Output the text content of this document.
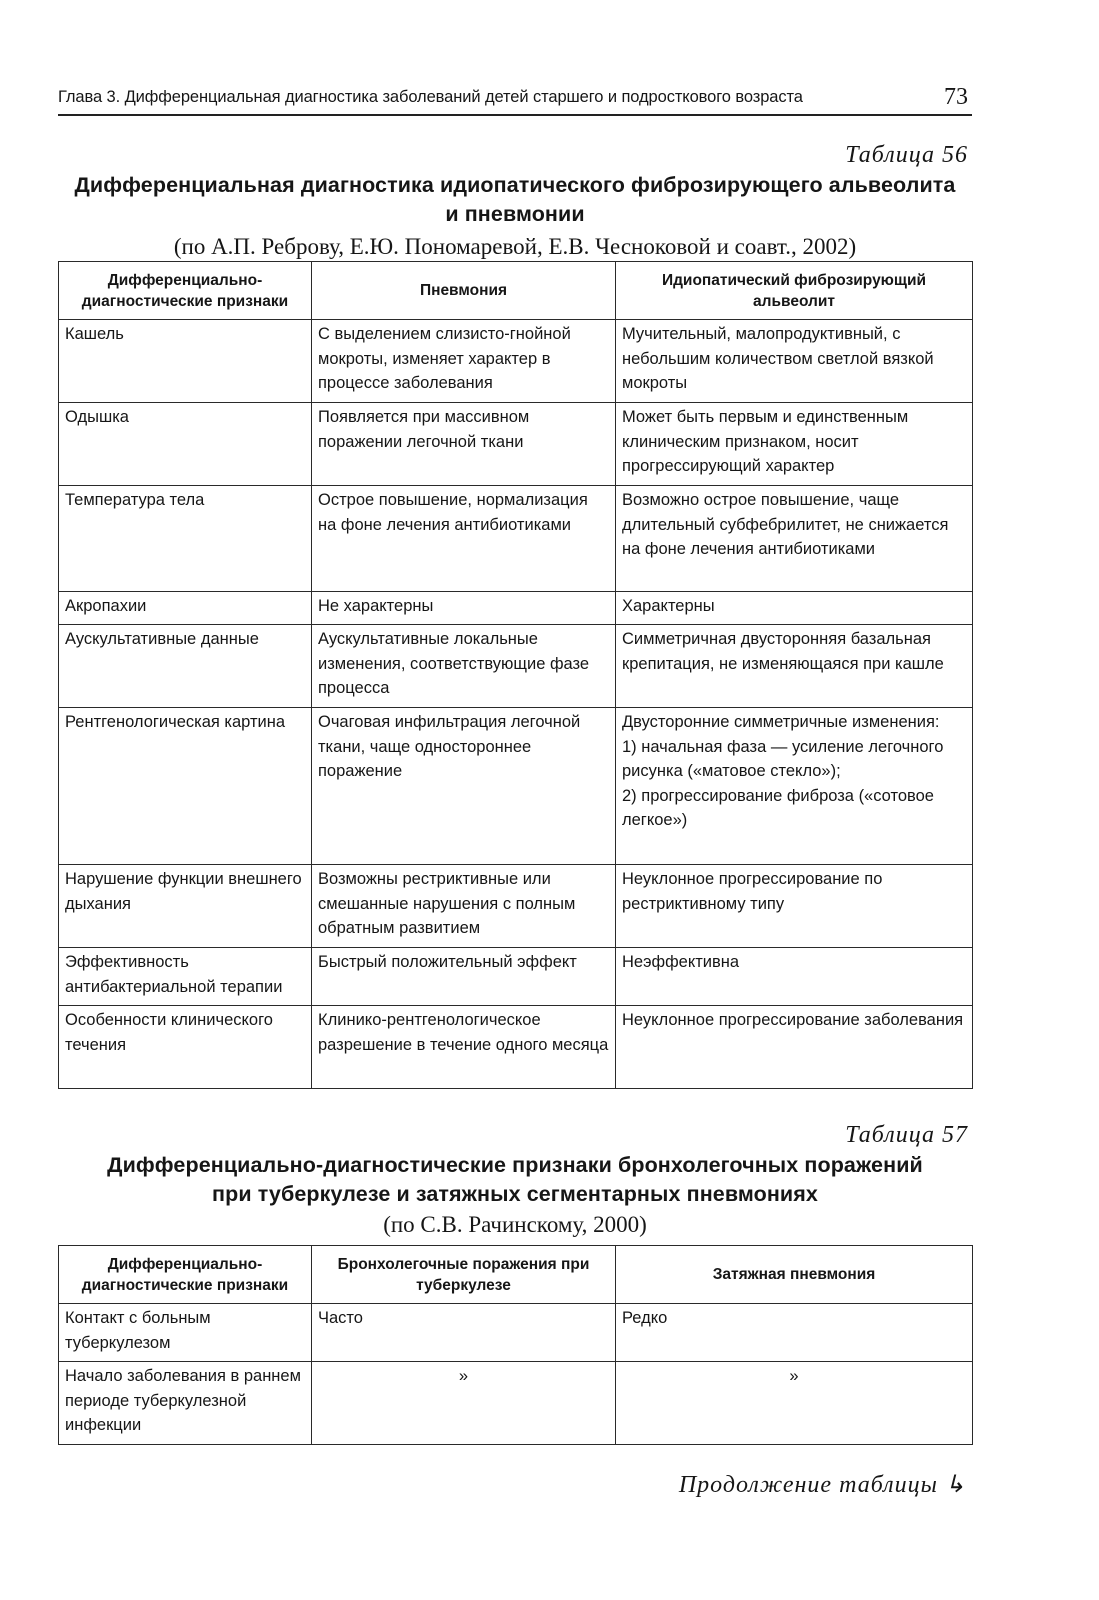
Глава 3. Дифференциальная диагностика заболеваний детей старшего и подросткового возраста	73
Таблица 56
Дифференциальная диагностика идиопатического фиброзирующего альвеолита
и пневмонии
(по А.П. Реброву, Е.Ю. Пономаревой, Е.В. Чесноковой и соавт., 2002)
Дифференциально-диагностические признаки	Пневмония	Идиопатический фиброзирующий альвеолит
Кашель	С выделением слизисто-гнойной мокроты, изменяет характер в процессе заболевания	Мучительный, малопродуктивный, с небольшим количеством светлой вязкой мокроты
Одышка	Появляется при массивном поражении легочной ткани	Может быть первым и единственным клиническим признаком, носит прогрессирующий характер
Температура тела	Острое повышение, нормализация на фоне лечения антибиотиками	Возможно острое повышение, чаще длительный субфебрилитет, не снижается на фоне лечения антибиотиками
Акропахии	Не характерны	Характерны
Аускультативные данные	Аускультативные локальные изменения, соответствующие фазе процесса	Симметричная двусторонняя базальная крепитация, не изменяющаяся при кашле
Рентгенологическая картина	Очаговая инфильтрация легочной ткани, чаще одностороннее поражение	Двусторонние симметричные изменения:
1) начальная фаза — усиление легочного рисунка («матовое стекло»);
2) прогрессирование фиброза («сотовое легкое»)
Нарушение функции внешнего дыхания	Возможны рестриктивные или смешанные нарушения с полным обратным развитием	Неуклонное прогрессирование по рестриктивному типу
Эффективность антибактериальной терапии	Быстрый положительный эффект	Неэффективна
Особенности клинического течения	Клинико-рентгенологическое разрешение в течение одного месяца	Неуклонное прогрессирование заболевания
Таблица 57
Дифференциально-диагностические признаки бронхолегочных поражений
при туберкулезе и затяжных сегментарных пневмониях
(по С.В. Рачинскому, 2000)
Дифференциально-диагностические признаки	Бронхолегочные поражения при туберкулезе	Затяжная пневмония
Контакт с больным туберкулезом	Часто	Редко
Начало заболевания в раннем периоде туберкулезной инфекции	»	»
Продолжение таблицы ↳
